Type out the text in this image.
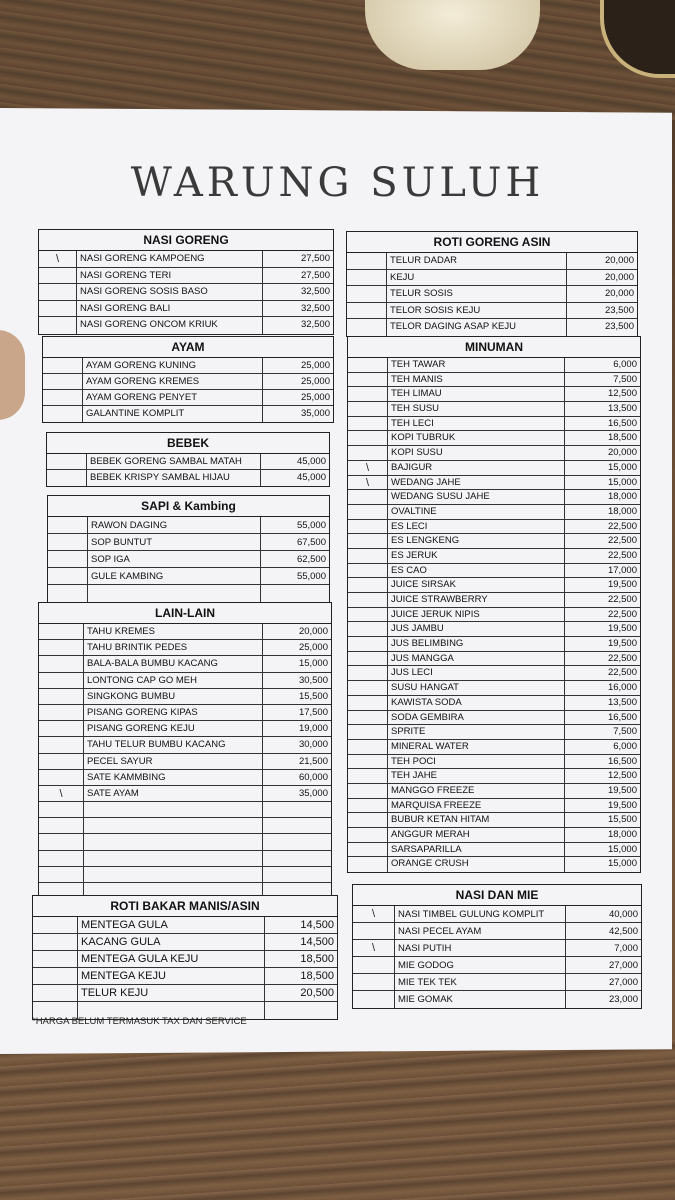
WARUNG SULUH
NASI GORENG
\	NASI GORENG KAMPOENG	27,500
NASI GORENG TERI	27,500
NASI GORENG SOSIS BASO	32,500
NASI GORENG BALI	32,500
NASI GORENG ONCOM KRIUK	32,500
AYAM
AYAM GORENG KUNING	25,000
AYAM GORENG KREMES	25,000
AYAM GORENG PENYET	25,000
GALANTINE KOMPLIT	35,000
BEBEK
BEBEK GORENG SAMBAL MATAH	45,000
BEBEK KRISPY SAMBAL HIJAU	45,000
SAPI & Kambing
RAWON DAGING	55,000
SOP BUNTUT	67,500
SOP IGA	62,500
GULE KAMBING	55,000
LAIN-LAIN
TAHU KREMES	20,000
TAHU BRINTIK PEDES	25,000
BALA-BALA BUMBU KACANG	15,000
LONTONG CAP GO MEH	30,500
SINGKONG BUMBU	15,500
PISANG GORENG KIPAS	17,500
PISANG GORENG KEJU	19,000
TAHU TELUR BUMBU KACANG	30,000
PECEL SAYUR	21,500
SATE KAMMBING	60,000
\	SATE AYAM	35,000
ROTI BAKAR MANIS/ASIN
MENTEGA GULA	14,500
KACANG GULA	14,500
MENTEGA GULA KEJU	18,500
MENTEGA KEJU	18,500
TELUR KEJU	20,500
ROTI GORENG ASIN
TELUR DADAR	20,000
KEJU	20,000
TELUR SOSIS	20,000
TELOR SOSIS KEJU	23,500
TELOR DAGING ASAP KEJU	23,500
MINUMAN
TEH TAWAR	6,000
TEH MANIS	7,500
TEH LIMAU	12,500
TEH SUSU	13,500
TEH LECI	16,500
KOPI TUBRUK	18,500
KOPI SUSU	20,000
\	BAJIGUR	15,000
\	WEDANG JAHE	15,000
WEDANG SUSU JAHE	18,000
OVALTINE	18,000
ES LECI	22,500
ES LENGKENG	22,500
ES JERUK	22,500
ES CAO	17,000
JUICE SIRSAK	19,500
JUICE STRAWBERRY	22,500
JUICE JERUK NIPIS	22,500
JUS JAMBU	19,500
JUS BELIMBING	19,500
JUS MANGGA	22,500
JUS LECI	22,500
SUSU HANGAT	16,000
KAWISTA SODA	13,500
SODA GEMBIRA	16,500
SPRITE	7,500
MINERAL WATER	6,000
TEH POCI	16,500
TEH JAHE	12,500
MANGGO FREEZE	19,500
MARQUISA FREEZE	19,500
BUBUR KETAN HITAM	15,500
ANGGUR MERAH	18,000
SARSAPARILLA	15,000
ORANGE CRUSH	15,000
NASI DAN MIE
\	NASI TIMBEL GULUNG KOMPLIT	40,000
NASI PECEL AYAM	42,500
\	NASI PUTIH	7,000
MIE GODOG	27,000
MIE TEK TEK	27,000
MIE GOMAK	23,000
*HARGA BELUM TERMASUK TAX DAN SERVICE
